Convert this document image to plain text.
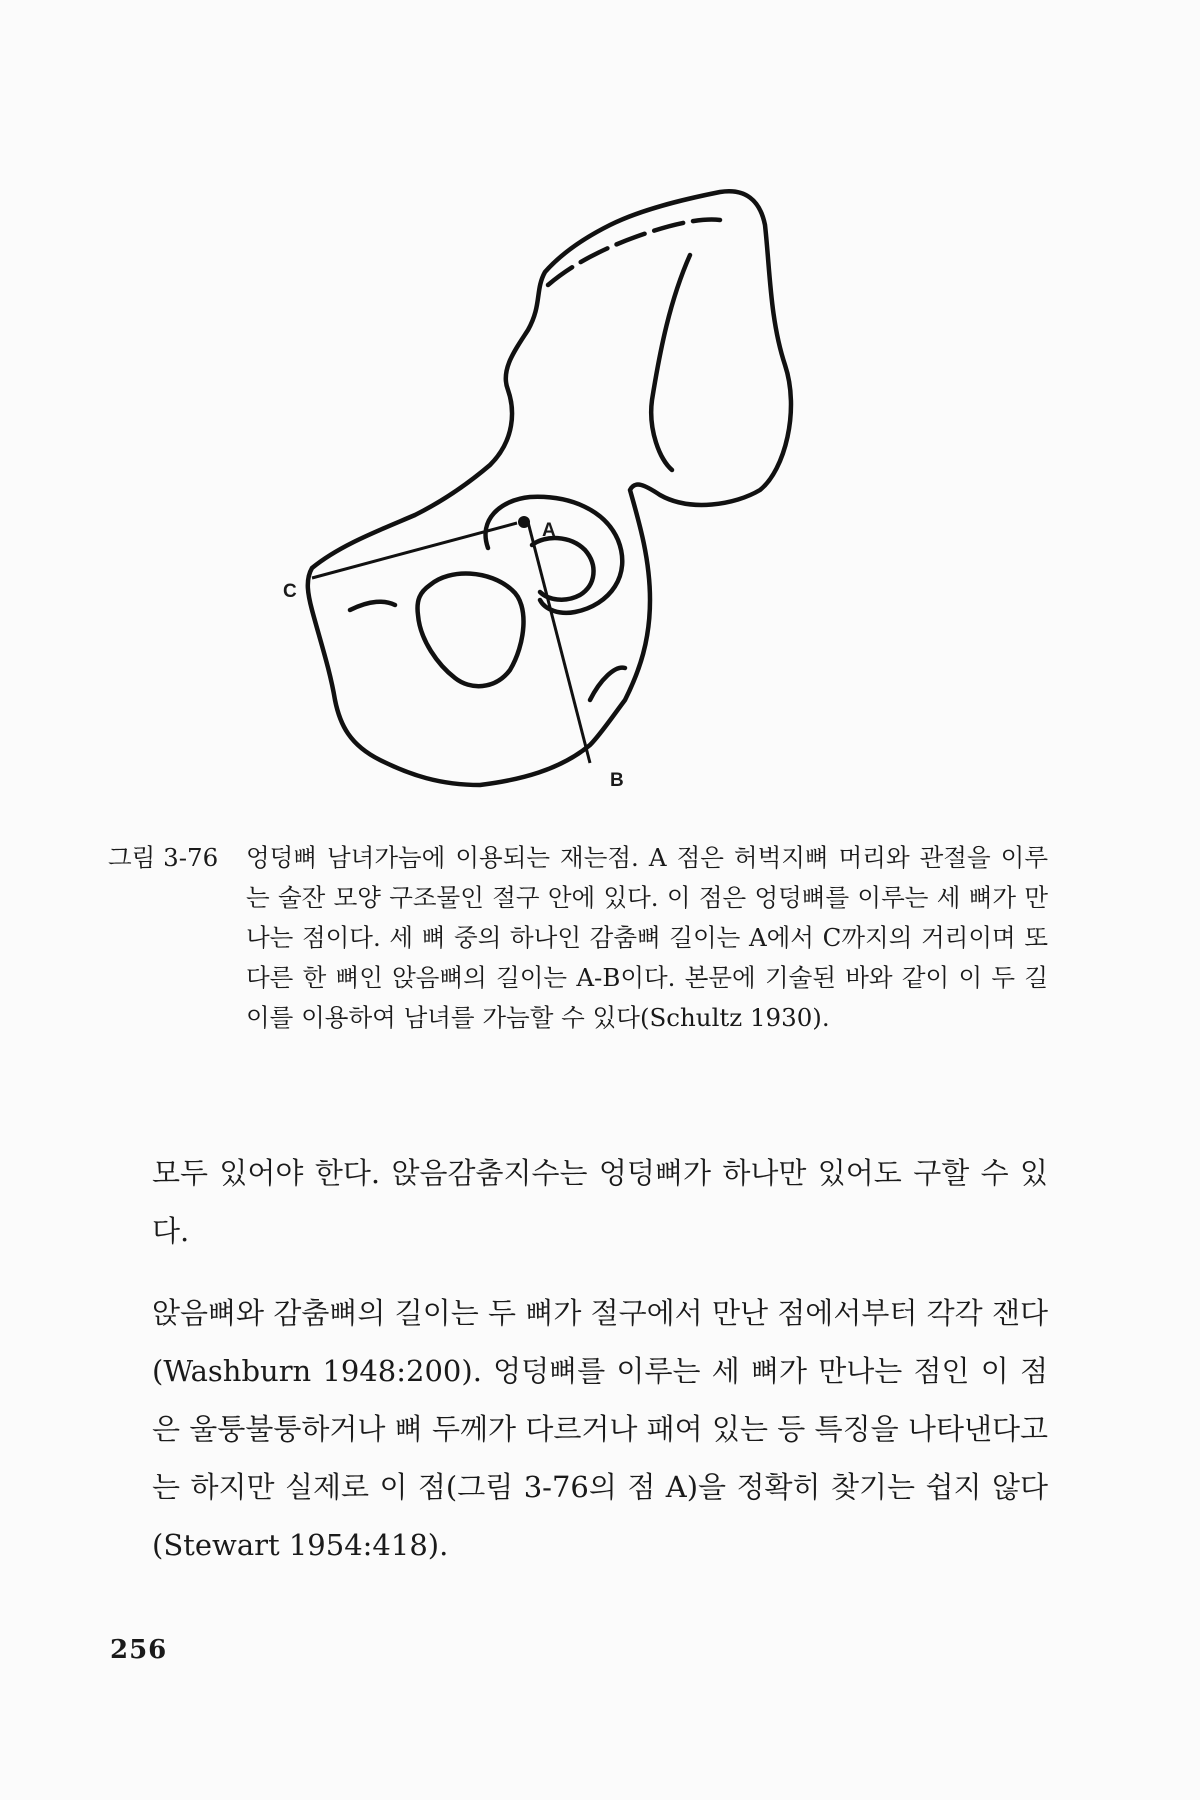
A
B
C
그림 3-76 엉덩뼈 남녀가늠에 이용되는 재는점. A 점은 허벅지뼈 머리와 관절을 이루는 술잔 모양 구조물인 절구 안에 있다. 이 점은 엉덩뼈를 이루는 세 뼈가 만나는 점이다. 세 뼈 중의 하나인 감춤뼈 길이는 A에서 C까지의 거리이며 또 다른 한 뼈인 앉음뼈의 길이는 A-B이다. 본문에 기술된 바와 같이 이 두 길이를 이용하여 남녀를 가늠할 수 있다(Schultz 1930).
모두 있어야 한다. 앉음감춤지수는 엉덩뼈가 하나만 있어도 구할 수 있다.
앉음뼈와 감춤뼈의 길이는 두 뼈가 절구에서 만난 점에서부터 각각 잰다(Washburn 1948:200). 엉덩뼈를 이루는 세 뼈가 만나는 점인 이 점은 울퉁불퉁하거나 뼈 두께가 다르거나 패여 있는 등 특징을 나타낸다고는 하지만 실제로 이 점(그림 3-76의 점 A)을 정확히 찾기는 쉽지 않다(Stewart 1954:418).
256
